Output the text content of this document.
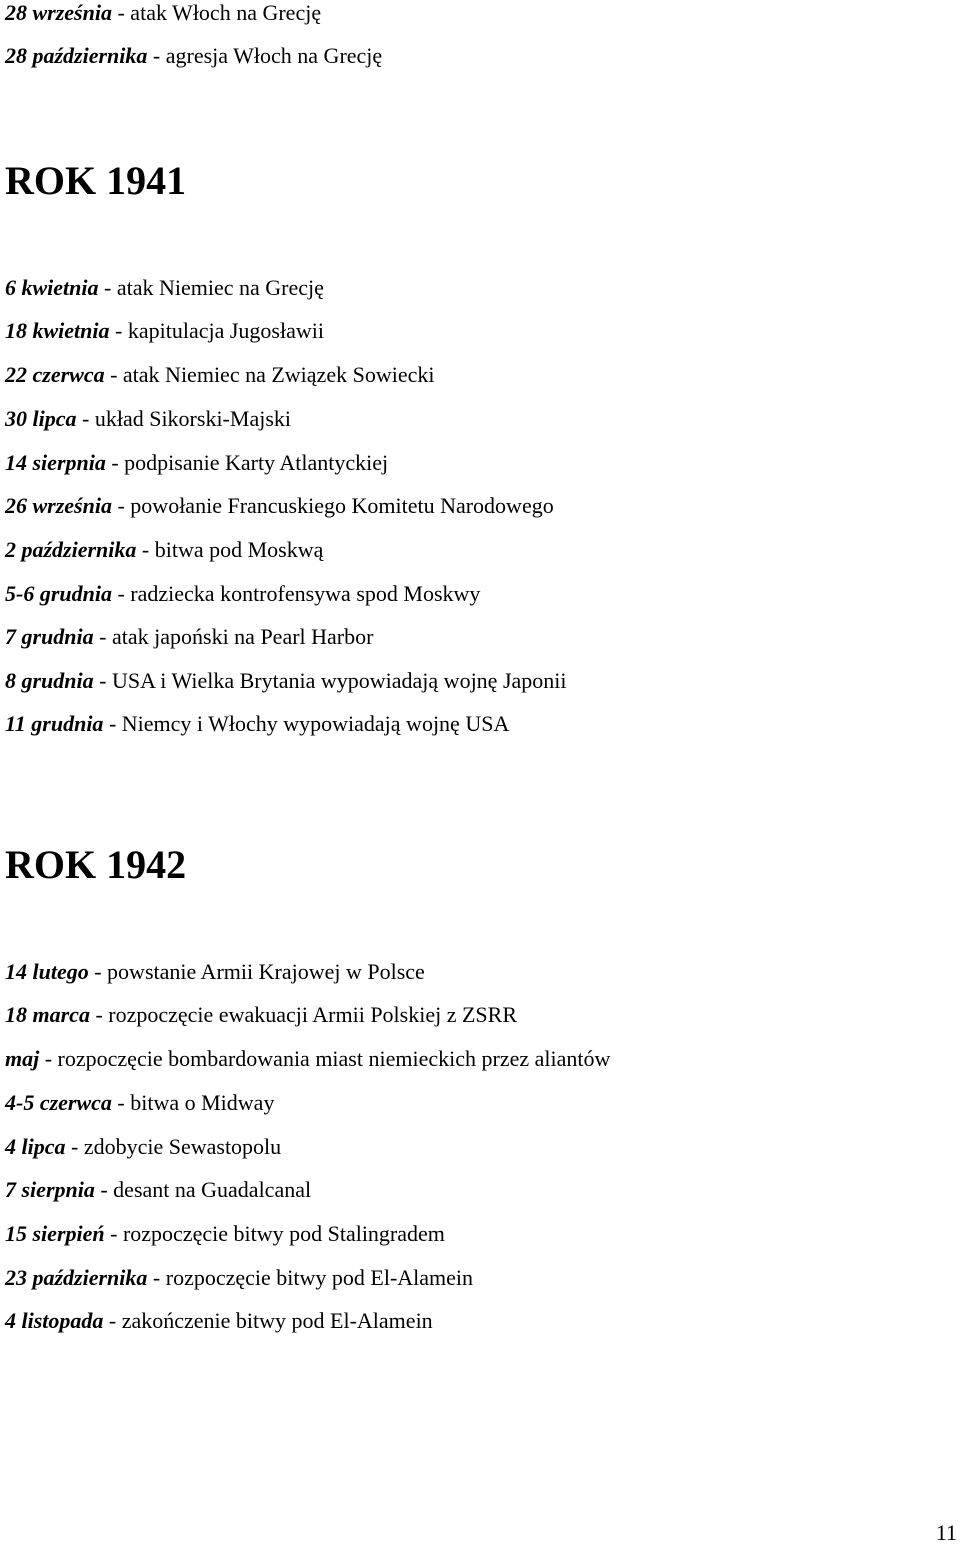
28 września - atak Włoch na Grecję
28 października - agresja Włoch na Grecję
ROK 1941
6 kwietnia - atak Niemiec na Grecję
18 kwietnia - kapitulacja Jugosławii
22 czerwca - atak Niemiec na Związek Sowiecki
30 lipca - układ Sikorski-Majski
14 sierpnia - podpisanie Karty Atlantyckiej
26 września - powołanie Francuskiego Komitetu Narodowego
2 października - bitwa pod Moskwą
5-6 grudnia - radziecka kontrofensywa spod Moskwy
7 grudnia - atak japoński na Pearl Harbor
8 grudnia - USA i Wielka Brytania wypowiadają wojnę Japonii
11 grudnia - Niemcy i Włochy wypowiadają wojnę USA
ROK 1942
14 lutego - powstanie Armii Krajowej w Polsce
18 marca - rozpoczęcie ewakuacji Armii Polskiej z ZSRR
maj - rozpoczęcie bombardowania miast niemieckich przez aliantów
4-5 czerwca - bitwa o Midway
4 lipca - zdobycie Sewastopolu
7 sierpnia - desant na Guadalcanal
15 sierpień - rozpoczęcie bitwy pod Stalingradem
23 października - rozpoczęcie bitwy pod El-Alamein
4 listopada - zakończenie bitwy pod El-Alamein
11
